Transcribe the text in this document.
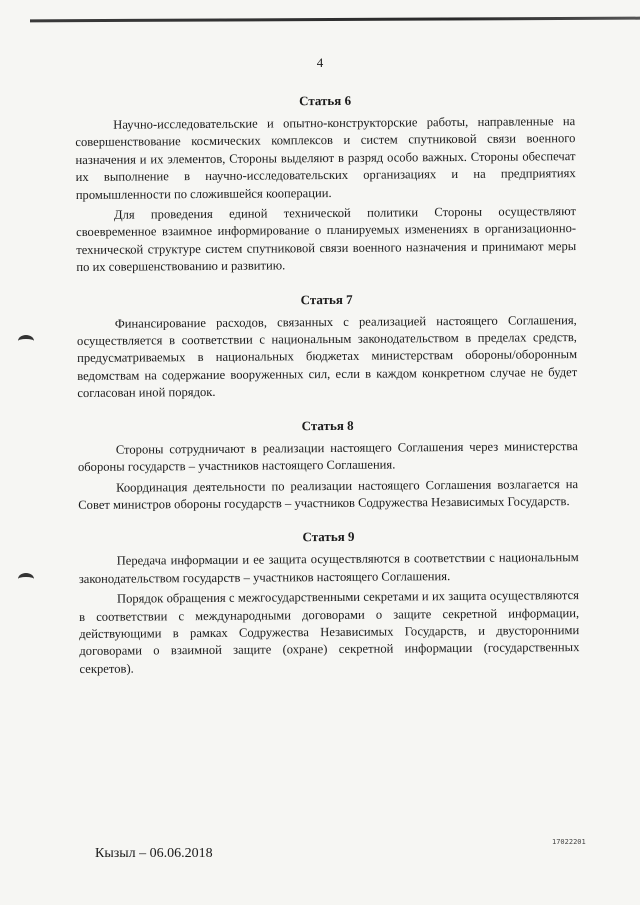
4
Статья 6

Научно-исследовательские и опытно-конструкторские работы, направленные на совершенствование космических комплексов и систем спутниковой связи военного назначения и их элементов, Стороны выделяют в разряд особо важных. Стороны обеспечат их выполнение в научно-исследовательских организациях и на предприятиях промышленности по сложившейся кооперации.

Для проведения единой технической политики Стороны осуществляют своевременное взаимное информирование о планируемых изменениях в организационно-технической структуре систем спутниковой связи военного назначения и принимают меры по их совершенствованию и развитию.

Статья 7

Финансирование расходов, связанных с реализацией настоящего Соглашения, осуществляется в соответствии с национальным законодательством в пределах средств, предусматриваемых в национальных бюджетах министерствам обороны/оборонным ведомствам на содержание вооруженных сил, если в каждом конкретном случае не будет согласован иной порядок.

Статья 8

Стороны сотрудничают в реализации настоящего Соглашения через министерства обороны государств – участников настоящего Соглашения.

Координация деятельности по реализации настоящего Соглашения возлагается на Совет министров обороны государств – участников Содружества Независимых Государств.

Статья 9

Передача информации и ее защита осуществляются в соответствии с национальным законодательством государств – участников настоящего Соглашения.

Порядок обращения с межгосударственными секретами и их защита осуществляются в соответствии с международными договорами о защите секретной информации, действующими в рамках Содружества Независимых Государств, и двусторонними договорами о взаимной защите (охране) секретной информации (государственных секретов).

Кызыл – 06.06.2018
17022201
